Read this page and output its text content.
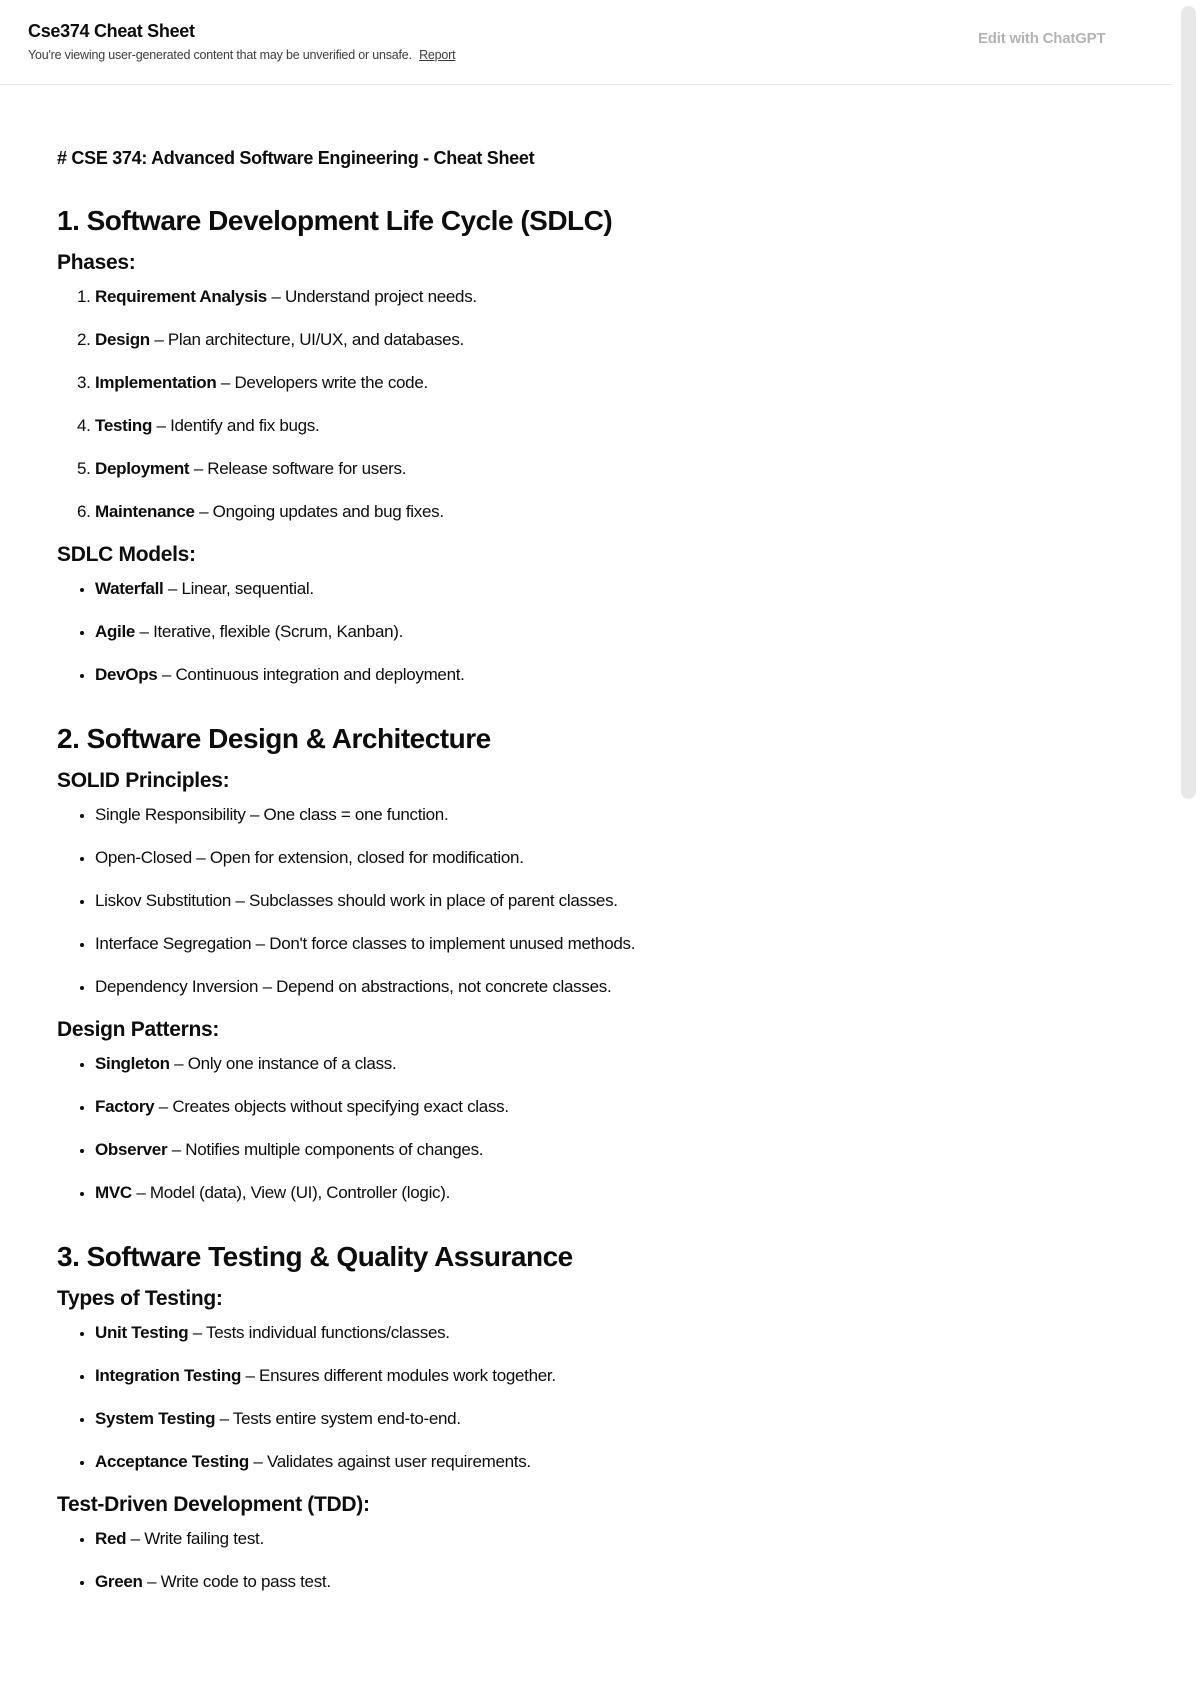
Cse374 Cheat Sheet
You're viewing user-generated content that may be unverified or unsafe. Report
Edit with ChatGPT
# CSE 374: Advanced Software Engineering - Cheat Sheet
1. Software Development Life Cycle (SDLC)
Phases:
1. Requirement Analysis – Understand project needs.
2. Design – Plan architecture, UI/UX, and databases.
3. Implementation – Developers write the code.
4. Testing – Identify and fix bugs.
5. Deployment – Release software for users.
6. Maintenance – Ongoing updates and bug fixes.
SDLC Models:
• Waterfall – Linear, sequential.
• Agile – Iterative, flexible (Scrum, Kanban).
• DevOps – Continuous integration and deployment.
2. Software Design & Architecture
SOLID Principles:
• Single Responsibility – One class = one function.
• Open-Closed – Open for extension, closed for modification.
• Liskov Substitution – Subclasses should work in place of parent classes.
• Interface Segregation – Don't force classes to implement unused methods.
• Dependency Inversion – Depend on abstractions, not concrete classes.
Design Patterns:
• Singleton – Only one instance of a class.
• Factory – Creates objects without specifying exact class.
• Observer – Notifies multiple components of changes.
• MVC – Model (data), View (UI), Controller (logic).
3. Software Testing & Quality Assurance
Types of Testing:
• Unit Testing – Tests individual functions/classes.
• Integration Testing – Ensures different modules work together.
• System Testing – Tests entire system end-to-end.
• Acceptance Testing – Validates against user requirements.
Test-Driven Development (TDD):
• Red – Write failing test.
• Green – Write code to pass test.
